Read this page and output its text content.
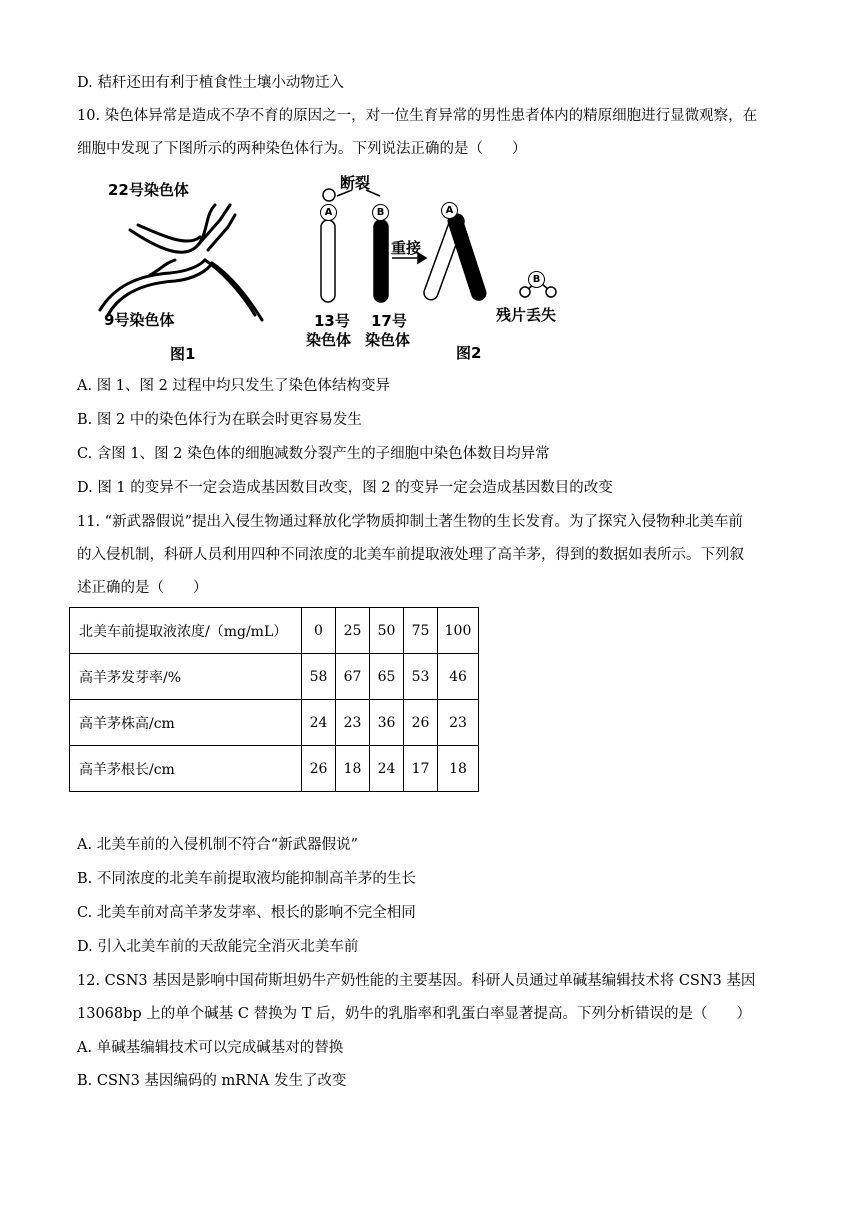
D. 秸秆还田有利于植食性土壤小动物迁入
10. 染色体异常是造成不孕不育的原因之一，对一位生育异常的男性患者体内的精原细胞进行显微观察，在
细胞中发现了下图所示的两种染色体行为。下列说法正确的是（　　）
22号染色体
9号染色体
图1
断裂
A	B	A
B
重接
13号
染色体
17号
染色体
残片丢失
图2
A. 图 1、图 2 过程中均只发生了染色体结构变异
B. 图 2 中的染色体行为在联会时更容易发生
C. 含图 1、图 2 染色体的细胞减数分裂产生的子细胞中染色体数目均异常
D. 图 1 的变异不一定会造成基因数目改变，图 2 的变异一定会造成基因数目的改变
11. “新武器假说”提出入侵生物通过释放化学物质抑制土著生物的生长发育。为了探究入侵物种北美车前
的入侵机制，科研人员利用四种不同浓度的北美车前提取液处理了高羊茅，得到的数据如表所示。下列叙
述正确的是（　　）
北美车前提取液浓度/（mg/mL）	0	25	50	75	100
高羊茅发芽率/%	58	67	65	53	46
高羊茅株高/cm	24	23	36	26	23
高羊茅根长/cm	26	18	24	17	18
A. 北美车前的入侵机制不符合“新武器假说”
B. 不同浓度的北美车前提取液均能抑制高羊茅的生长
C. 北美车前对高羊茅发芽率、根长的影响不完全相同
D. 引入北美车前的天敌能完全消灭北美车前
12. CSN3 基因是影响中国荷斯坦奶牛产奶性能的主要基因。科研人员通过单碱基编辑技术将 CSN3 基因
13068bp 上的单个碱基 C 替换为 T 后，奶牛的乳脂率和乳蛋白率显著提高。下列分析错误的是（　　）
A. 单碱基编辑技术可以完成碱基对的替换
B. CSN3 基因编码的 mRNA 发生了改变
